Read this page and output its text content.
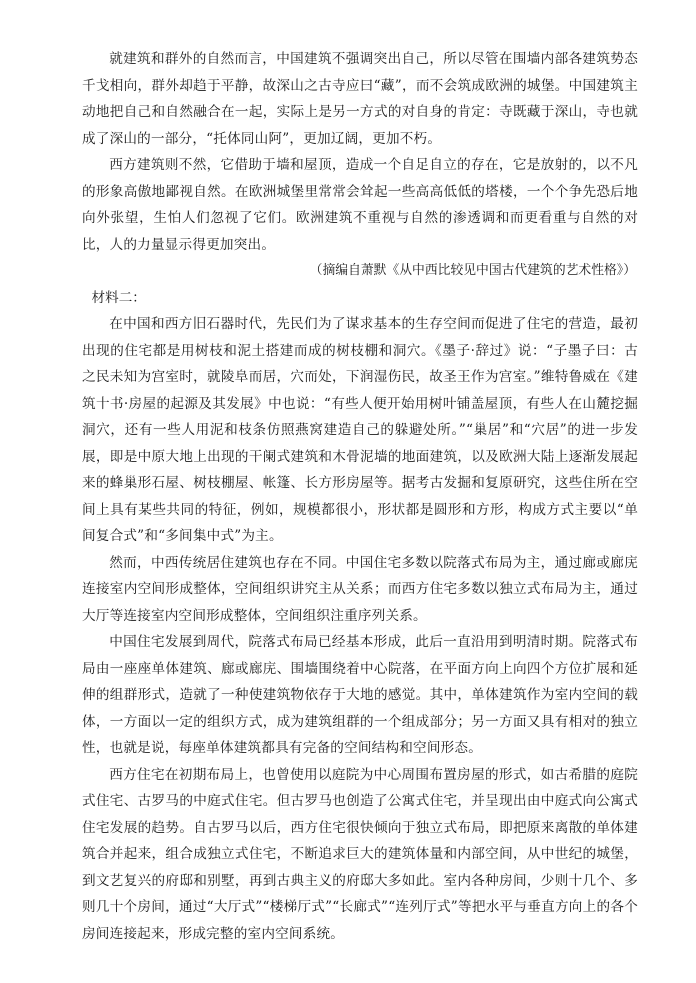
就建筑和群外的自然而言，中国建筑不强调突出自己，所以尽管在围墙内部各建筑势态千戈相向，群外却趋于平静，故深山之古寺应曰“藏”，而不会筑成欧洲的城堡。中国建筑主动地把自己和自然融合在一起，实际上是另一方式的对自身的肯定：寺既藏于深山，寺也就成了深山的一部分，“托体同山阿”，更加辽阔，更加不朽。

西方建筑则不然，它借助于墙和屋顶，造成一个自足自立的存在，它是放射的，以不凡的形象高傲地鄙视自然。在欧洲城堡里常常会耸起一些高高低低的塔楼，一个个争先恐后地向外张望，生怕人们忽视了它们。欧洲建筑不重视与自然的渗透调和而更看重与自然的对比，人的力量显示得更加突出。

（摘编自萧默《从中西比较见中国古代建筑的艺术性格》）

材料二：

在中国和西方旧石器时代，先民们为了谋求基本的生存空间而促进了住宅的营造，最初出现的住宅都是用树枝和泥土搭建而成的树枝棚和洞穴。《墨子·辞过》说：“子墨子曰：古之民未知为宫室时，就陵阜而居，穴而处，下润湿伤民，故圣王作为宫室。”维特鲁威在《建筑十书·房屋的起源及其发展》中也说：“有些人便开始用树叶铺盖屋顶，有些人在山麓挖掘洞穴，还有一些人用泥和枝条仿照燕窝建造自己的躲避处所。”“巢居”和“穴居”的进一步发展，即是中原大地上出现的干阑式建筑和木骨泥墙的地面建筑，以及欧洲大陆上逐渐发展起来的蜂巢形石屋、树枝棚屋、帐篷、长方形房屋等。据考古发掘和复原研究，这些住所在空间上具有某些共同的特征，例如，规模都很小，形状都是圆形和方形，构成方式主要以“单间复合式”和“多间集中式”为主。

然而，中西传统居住建筑也存在不同。中国住宅多数以院落式布局为主，通过廊或廊庑连接室内空间形成整体，空间组织讲究主从关系；而西方住宅多数以独立式布局为主，通过大厅等连接室内空间形成整体，空间组织注重序列关系。

中国住宅发展到周代，院落式布局已经基本形成，此后一直沿用到明清时期。院落式布局由一座座单体建筑、廊或廊庑、围墙围绕着中心院落，在平面方向上向四个方位扩展和延伸的组群形式，造就了一种使建筑物依存于大地的感觉。其中，单体建筑作为室内空间的载体，一方面以一定的组织方式，成为建筑组群的一个组成部分；另一方面又具有相对的独立性，也就是说，每座单体建筑都具有完备的空间结构和空间形态。

西方住宅在初期布局上，也曾使用以庭院为中心周围布置房屋的形式，如古希腊的庭院式住宅、古罗马的中庭式住宅。但古罗马也创造了公寓式住宅，并呈现出由中庭式向公寓式住宅发展的趋势。自古罗马以后，西方住宅很快倾向于独立式布局，即把原来离散的单体建筑合并起来，组合成独立式住宅，不断追求巨大的建筑体量和内部空间，从中世纪的城堡，到文艺复兴的府邸和别墅，再到古典主义的府邸大多如此。室内各种房间，少则十几个、多则几十个房间，通过“大厅式”“楼梯厅式”“长廊式”“连列厅式”等把水平与垂直方向上的各个房间连接起来，形成完整的室内空间系统。
